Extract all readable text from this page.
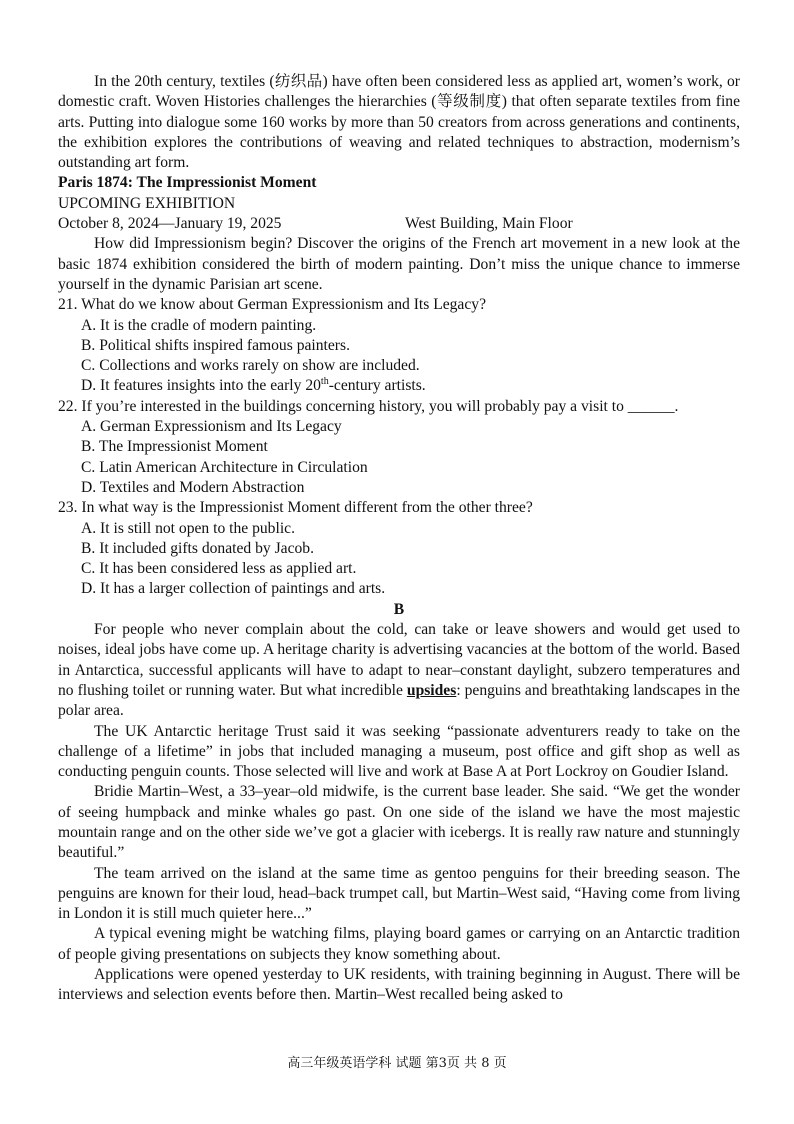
In the 20th century, textiles (纺织品) have often been considered less as applied art, women’s work, or domestic craft. Woven Histories challenges the hierarchies (等级制度) that often separate textiles from fine arts. Putting into dialogue some 160 works by more than 50 creators from across generations and continents, the exhibition explores the contributions of weaving and related techniques to abstraction, modernism’s outstanding art form.

Paris 1874: The Impressionist Moment

UPCOMING EXHIBITION

October 8, 2024—January 19, 2025	West Building, Main Floor

How did Impressionism begin? Discover the origins of the French art movement in a new look at the basic 1874 exhibition considered the birth of modern painting. Don’t miss the unique chance to immerse yourself in the dynamic Parisian art scene.

21. What do we know about German Expressionism and Its Legacy?

A. It is the cradle of modern painting.

B. Political shifts inspired famous painters.

C. Collections and works rarely on show are included.

D. It features insights into the early 20th-century artists.

22. If you’re interested in the buildings concerning history, you will probably pay a visit to ______.

A. German Expressionism and Its Legacy

B. The Impressionist Moment

C. Latin American Architecture in Circulation

D. Textiles and Modern Abstraction

23. In what way is the Impressionist Moment different from the other three?

A. It is still not open to the public.

B. It included gifts donated by Jacob.

C. It has been considered less as applied art.

D. It has a larger collection of paintings and arts.

B

For people who never complain about the cold, can take or leave showers and would get used to noises, ideal jobs have come up. A heritage charity is advertising vacancies at the bottom of the world. Based in Antarctica, successful applicants will have to adapt to near–constant daylight, subzero temperatures and no flushing toilet or running water. But what incredible upsides: penguins and breathtaking landscapes in the polar area.

The UK Antarctic heritage Trust said it was seeking “passionate adventurers ready to take on the challenge of a lifetime” in jobs that included managing a museum, post office and gift shop as well as conducting penguin counts. Those selected will live and work at Base A at Port Lockroy on Goudier Island.

Bridie Martin–West, a 33–year–old midwife, is the current base leader. She said. “We get the wonder of seeing humpback and minke whales go past. On one side of the island we have the most majestic mountain range and on the other side we’ve got a glacier with icebergs. It is really raw nature and stunningly beautiful.”

The team arrived on the island at the same time as gentoo penguins for their breeding season. The penguins are known for their loud, head–back trumpet call, but Martin–West said, “Having come from living in London it is still much quieter here...”

A typical evening might be watching films, playing board games or carrying on an Antarctic tradition of people giving presentations on subjects they know something about.

Applications were opened yesterday to UK residents, with training beginning in August. There will be interviews and selection events before then. Martin–West recalled being asked to

高三年级英语学科 试题 第3页 共 8 页
